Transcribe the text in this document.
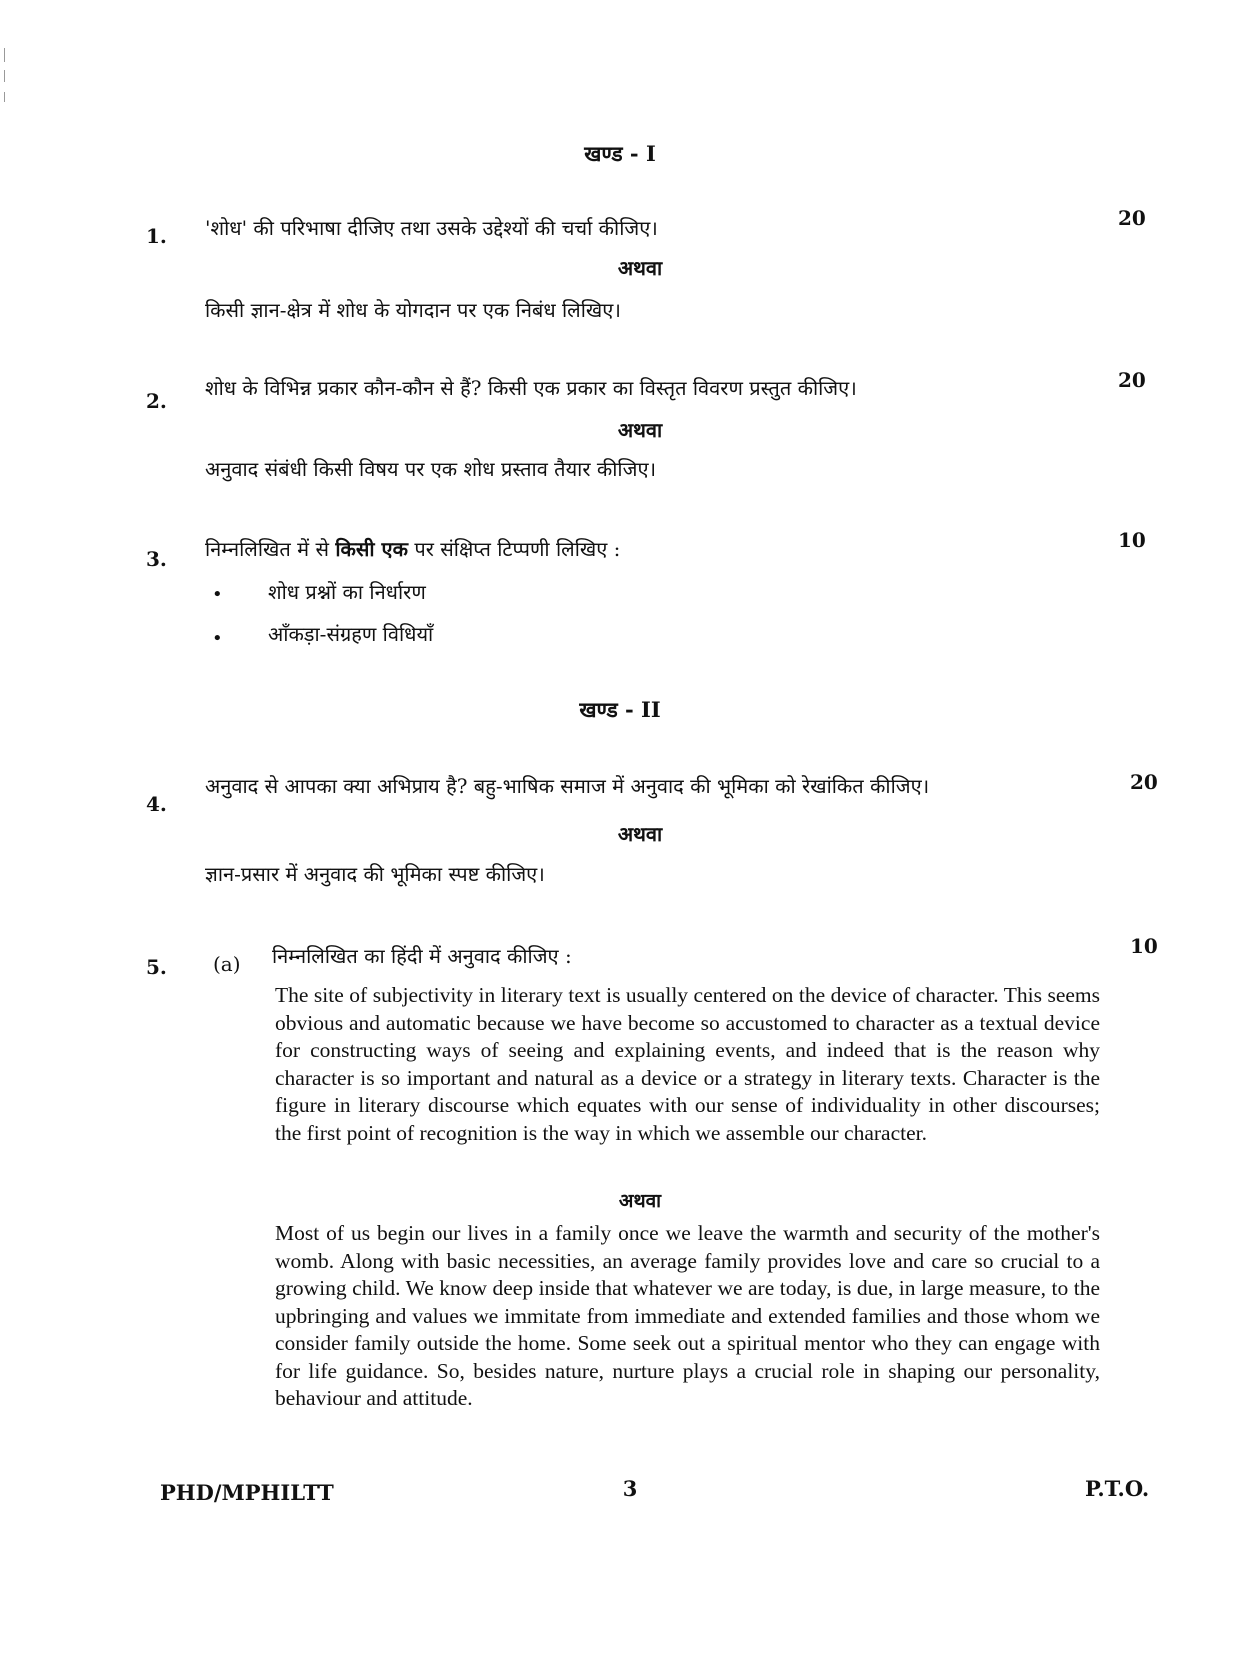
खण्ड - I
1. 'शोध' की परिभाषा दीजिए तथा उसके उद्देश्यों की चर्चा कीजिए।	20
अथवा
किसी ज्ञान-क्षेत्र में शोध के योगदान पर एक निबंध लिखिए।
2.
शोध के विभिन्न प्रकार कौन-कौन से हैं? किसी एक प्रकार का विस्तृत विवरण प्रस्तुत कीजिए।	20
अथवा
अनुवाद संबंधी किसी विषय पर एक शोध प्रस्ताव तैयार कीजिए।
3. निम्नलिखित में से किसी एक पर संक्षिप्त टिप्पणी लिखिए :	10
• शोध प्रश्नों का निर्धारण
• आँकड़ा-संग्रहण विधियाँ
खण्ड - II
4.
अनुवाद से आपका क्या अभिप्राय है? बहु-भाषिक समाज में अनुवाद की भूमिका को रेखांकित कीजिए।	20
अथवा
ज्ञान-प्रसार में अनुवाद की भूमिका स्पष्ट कीजिए।
5. (a) निम्नलिखित का हिंदी में अनुवाद कीजिए :	10
The site of subjectivity in literary text is usually centered on the device of character. This seems obvious and automatic because we have become so accustomed to character as a textual device for constructing ways of seeing and explaining events, and indeed that is the reason why character is so important and natural as a device or a strategy in literary texts. Character is the figure in literary discourse which equates with our sense of individuality in other discourses; the first point of recognition is the way in which we assemble our character.
अथवा
Most of us begin our lives in a family once we leave the warmth and security of the mother's womb. Along with basic necessities, an average family provides love and care so crucial to a growing child. We know deep inside that whatever we are today, is due, in large measure, to the upbringing and values we immitate from immediate and extended families and those whom we consider family outside the home. Some seek out a spiritual mentor who they can engage with for life guidance. So, besides nature, nurture plays a crucial role in shaping our personality, behaviour and attitude.
PHD/MPHILTT	3	P.T.O.
